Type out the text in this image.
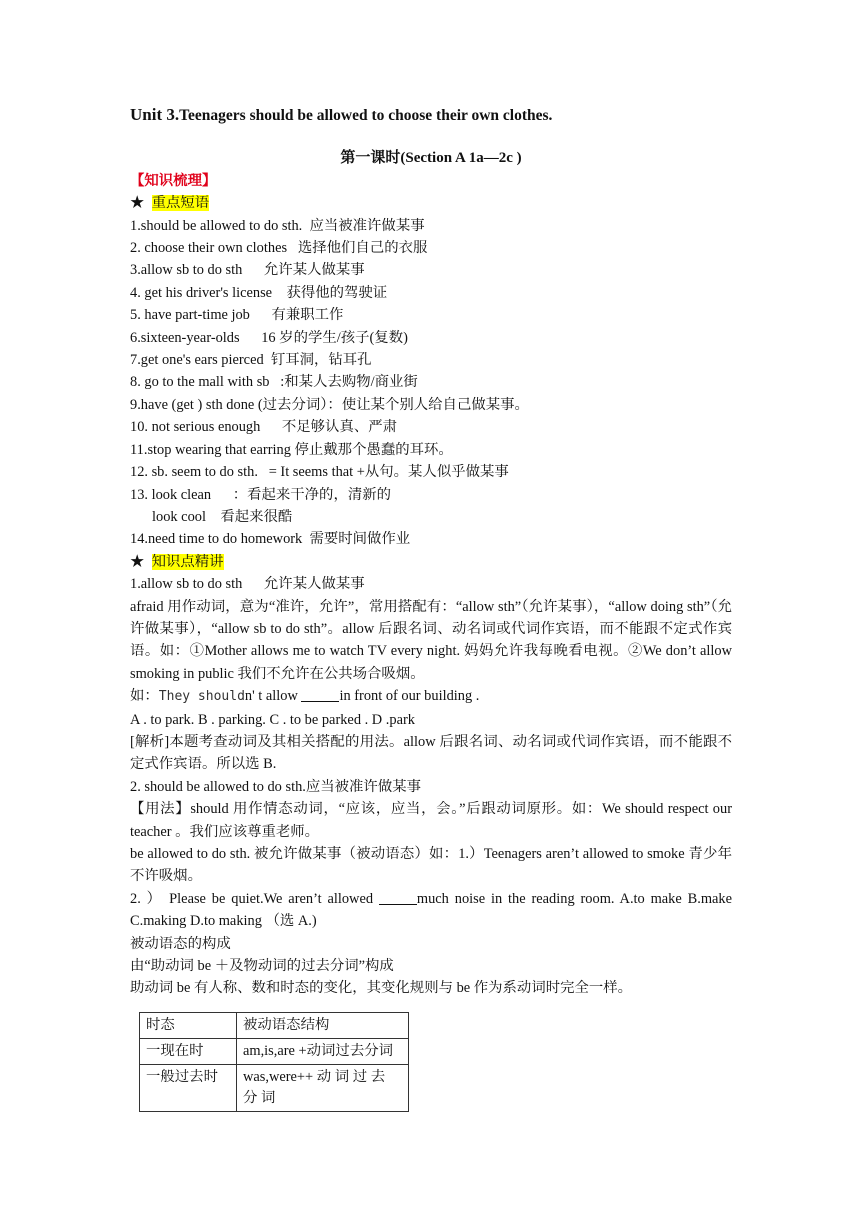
Unit 3.Teenagers should be allowed to choose their own clothes.
第一课时(Section A 1a—2c )
【知识梳理】
★ 重点短语
1.should be allowed to do sth.  应当被准许做某事
2. choose their own clothes   选择他们自己的衣服
3.allow sb to do sth      允许某人做某事
4. get his driver's license    获得他的驾驶证
5. have part-time job      有兼职工作
6.sixteen-year-olds      16 岁的学生/孩子(复数)
7.get one's ears pierced  钉耳洞，钻耳孔
8. go to the mall with sb   :和某人去购物/商业街
9.have (get ) sth done (过去分词）：使让某个别人给自己做某事。
10. not serious enough      不足够认真、严肃
11.stop wearing that earring 停止戴那个愚蠢的耳环。
12. sb. seem to do sth.   = It seems that +从句。某人似乎做某事
13. look clean      ：看起来干净的，清新的
look cool    看起来很酷
14.need time to do homework  需要时间做作业
★ 知识点精讲
1.allow sb to do sth      允许某人做某事
afraid 用作动词，意为“准许，允许”，常用搭配有：“allow sth”（允许某事），“allow doing sth”（允许做某事），“allow sb to do sth”。allow 后跟名词、动名词或代词作宾语，而不能跟不定式作宾语。如：①Mother allows me to watch TV every night. 妈妈允许我每晚看电视。②We don’t allow smoking in public 我们不允许在公共场合吸烟。
如：They shouldn' t allow	in front of our building .
A . to park. B . parking. C . to be parked . D .park
[解析]本题考查动词及其相关搭配的用法。allow 后跟名词、动名词或代词作宾语，而不能跟不定式作宾语。所以选 B.
2. should be allowed to do sth.应当被准许做某事
【用法】should 用作情态动词，“应该，应当，会。”后跟动词原形。如：We should respect our teacher 。我们应该尊重老师。
be allowed to do sth. 被允许做某事（被动语态）如：1.）Teenagers aren’t allowed to smoke 青少年不许吸烟。
2. ） Please be quiet.We aren’t allowed	much noise in the reading room. A.to make B.make C.making D.to making （选 A.)
被动语态的构成
由“助动词 be ＋及物动词的过去分词”构成
助动词 be 有人称、数和时态的变化，其变化规则与 be 作为系动词时完全一样。
时态	被动语态结构
一现在时	am,is,are +动词过去分词
一般过去时	was,were++ 动 词 过 去 分 词
